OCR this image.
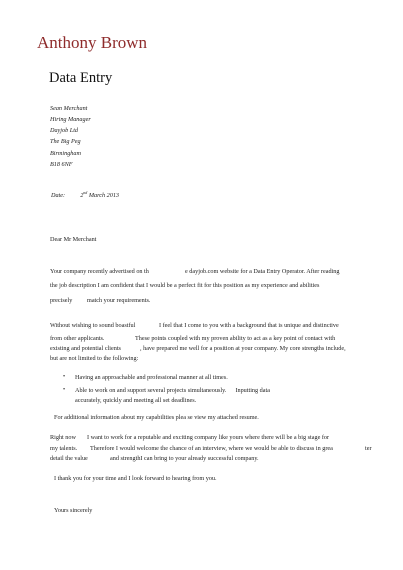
Anthony Brown
Data Entry
Sean Merchant
Hiring Manager
Dayjob Ltd
The Big Peg
Birmingham
B18 6NF
Date: 2nd March 2013
Dear Mr Merchant
Your company recently advertised on th	e dayjob.com website for a Data Entry Operator. After reading
the job description I am confident that I would be a perfect fit for this position as my experience and abilities
precisely match your requirements.
Without wishing to sound boastful	I feel that I come to you with a background that is unique and distinctive
from other applicants.	These points coupled with my proven ability to act as a key point of contact with
existing and potential clients	, have prepared me well for a position at your company. My core strengths include,
but are not limited to the following:
• Having an approachable and professional manner at all times.
• Able to work on and support several projects simultaneously. Inputting data
accurately, quickly and meeting all set deadlines.
For additional information about my capabilities plea se view my attached resume.
Right now I want to work for a reputable and exciting company like yours where there will be a big stage for
my talents. Therefore I would welcome the chance of an interview, where we would be able to discuss in grea	ter
detail the value	and strengthI can bring to your already successful company.
I thank you for your time and I look forward to hearing from you.
Yours sincerely
